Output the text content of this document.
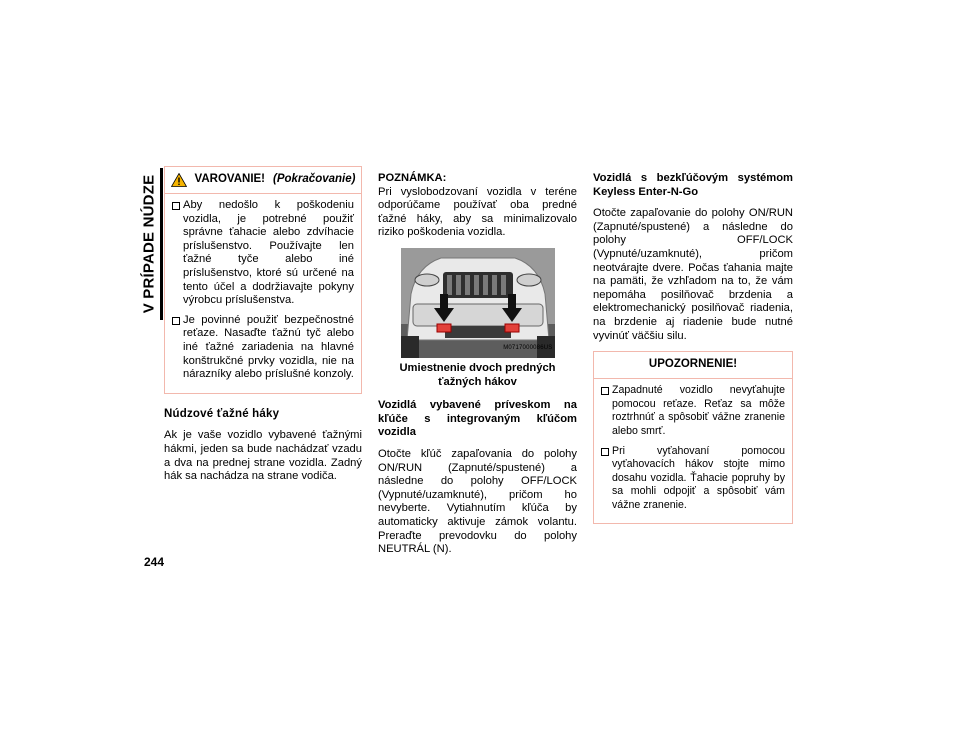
V PRÍPADE NÚDZE
244
VAROVANIE! (Pokračovanie)
Aby nedošlo k poškodeniu vozidla, je potrebné použiť správne ťahacie alebo zdvíhacie príslušenstvo. Používajte len ťažné tyče alebo iné príslušenstvo, ktoré sú určené na tento účel a dodržiavajte pokyny výrobcu príslušenstva.
Je povinné použiť bezpečnostné reťaze. Nasaďte ťažnú tyč alebo iné ťažné zariadenia na hlavné konštrukčné prvky vozidla, nie na nárazníky alebo príslušné konzoly.
Núdzové ťažné háky

Ak je vaše vozidlo vybavené ťažnými hákmi, jeden sa bude nachádzať vzadu a dva na prednej strane vozidla. Zadný hák sa nachádza na strane vodiča.

POZNÁMKA:

Pri vyslobodzovaní vozidla v teréne odporúčame používať oba predné ťažné háky, aby sa minimalizovalo riziko poškodenia vozidla.

M0717000086US
Umiestnenie dvoch predných ťažných hákov

Vozidlá vybavené príveskom na kľúče s integrovaným kľúčom vozidla

Otočte kľúč zapaľovania do polohy ON/RUN (Zapnuté/spustené) a následne do polohy OFF/LOCK (Vypnuté/uzamknuté), pričom ho nevyberte. Vytiahnutím kľúča by automaticky aktivuje zámok volantu. Preraďte prevodovku do polohy NEUTRÁL (N).

Vozidlá s bezkľúčovým systémom Keyless Enter-N-Go

Otočte zapaľovanie do polohy ON/RUN (Zapnuté/spustené) a následne do polohy OFF/LOCK (Vypnuté/uzamknuté), pričom neotvárajte dvere. Počas ťahania majte na pamäti, že vzhľadom na to, že vám nepomáha posilňovač brzdenia a elektromechanický posilňovač riadenia, na brzdenie aj riadenie bude nutné vyvinúť väčšiu silu.

UPOZORNENIE!
Zapadnuté vozidlo nevyťahujte pomocou reťaze. Reťaz sa môže roztrhnúť a spôsobiť vážne zranenie alebo smrť.
Pri vyťahovaní pomocou vyťahovacích hákov stojte mimo dosahu vozidla. Ťahacie popruhy by sa mohli odpojiť a spôsobiť vám vážne zranenie.
